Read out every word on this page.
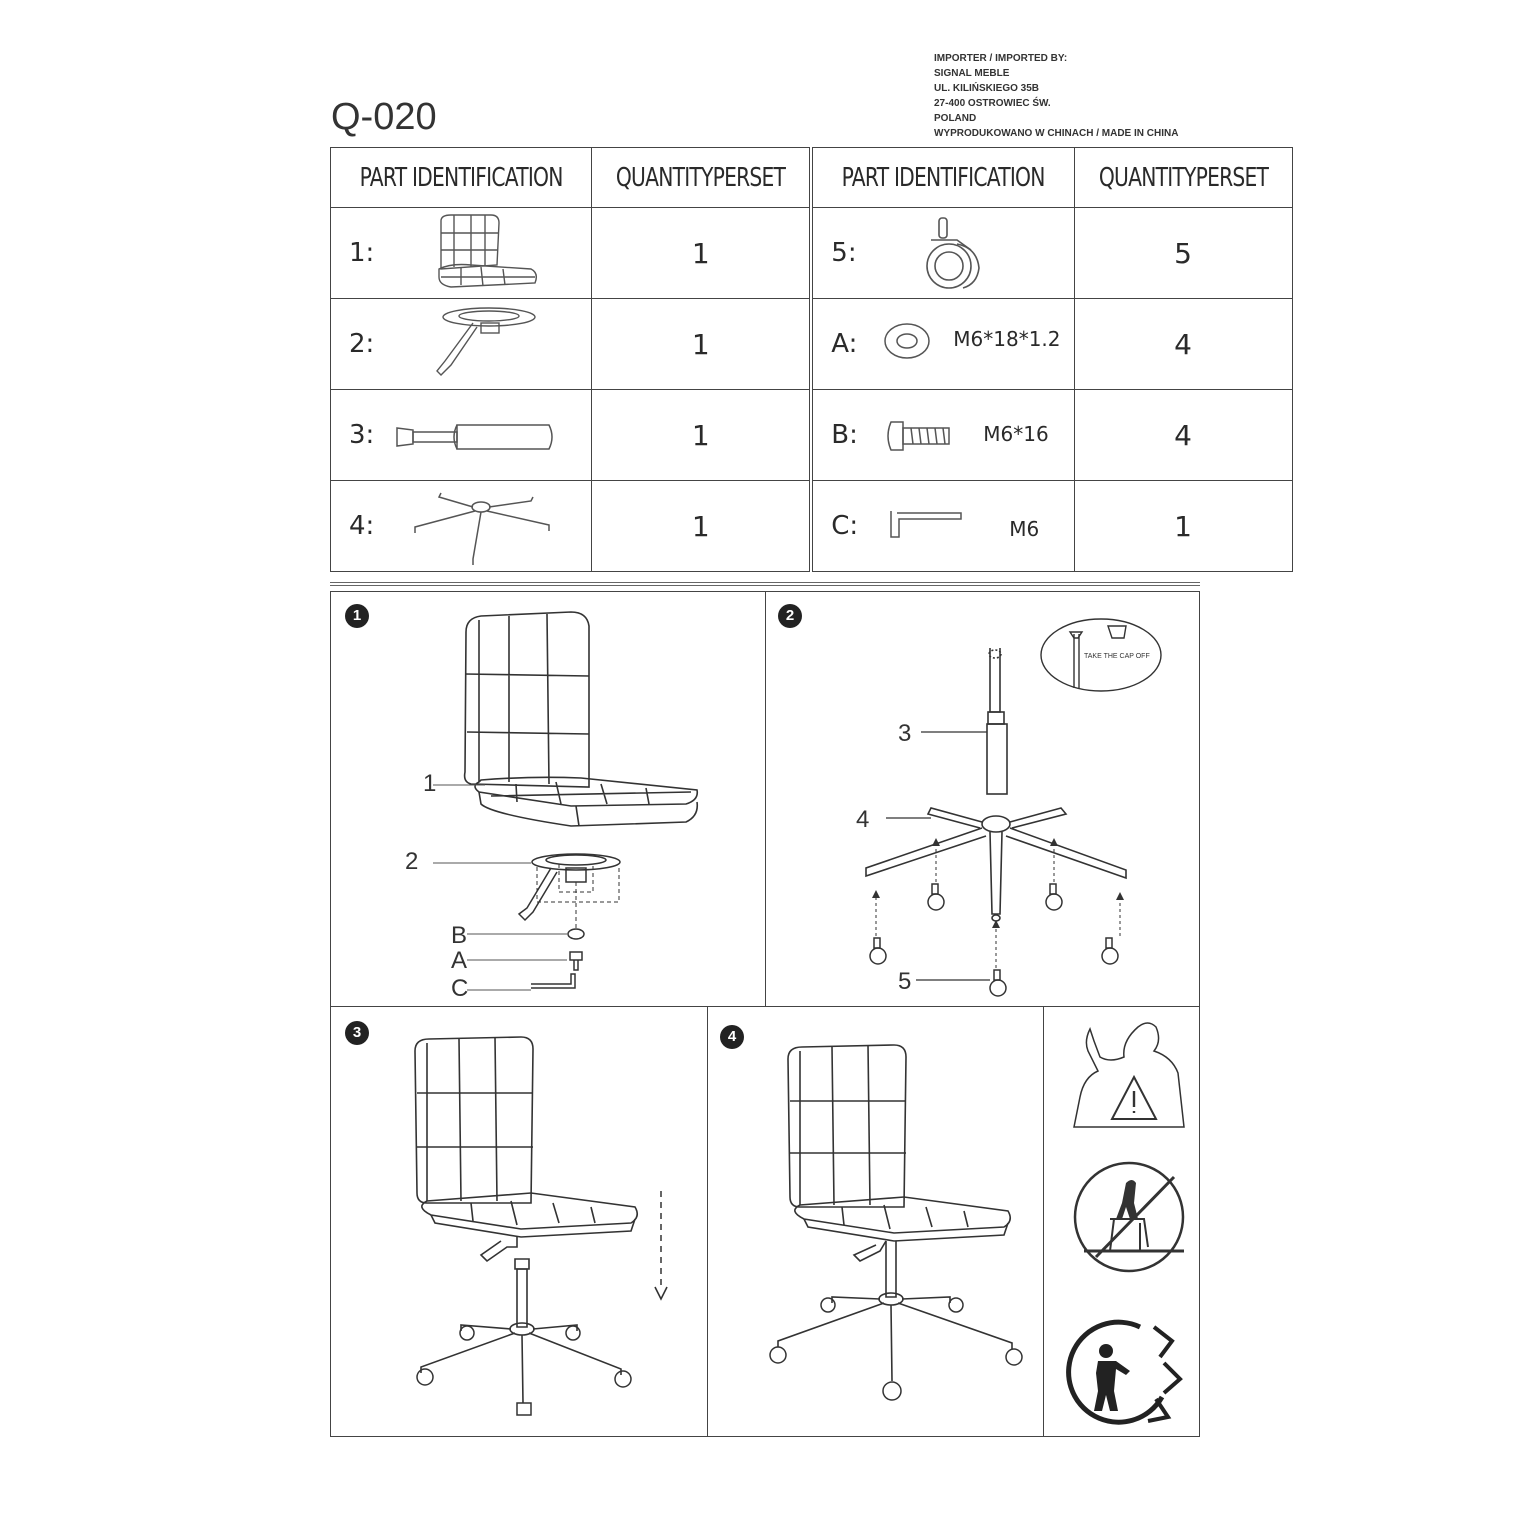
Q-020
IMPORTER / IMPORTED BY:
SIGNAL MEBLE
UL. KILIŃSKIEGO 35B
27-400 OSTROWIEC ŚW.
POLAND
WYPRODUKOWANO W CHINACH / MADE IN CHINA
PART IDENTIFICATION	QUANTITYPERSET	PART IDENTIFICATION	QUANTITYPERSET

1:	1	5:	5

2:	1	A: M6*18*1.2	4

3:	1	B: M6*16	4

4:	1	C: M6	1
1
1
2
B
A
C
2
TAKE THE CAP OFF
3
4
5
3	4
